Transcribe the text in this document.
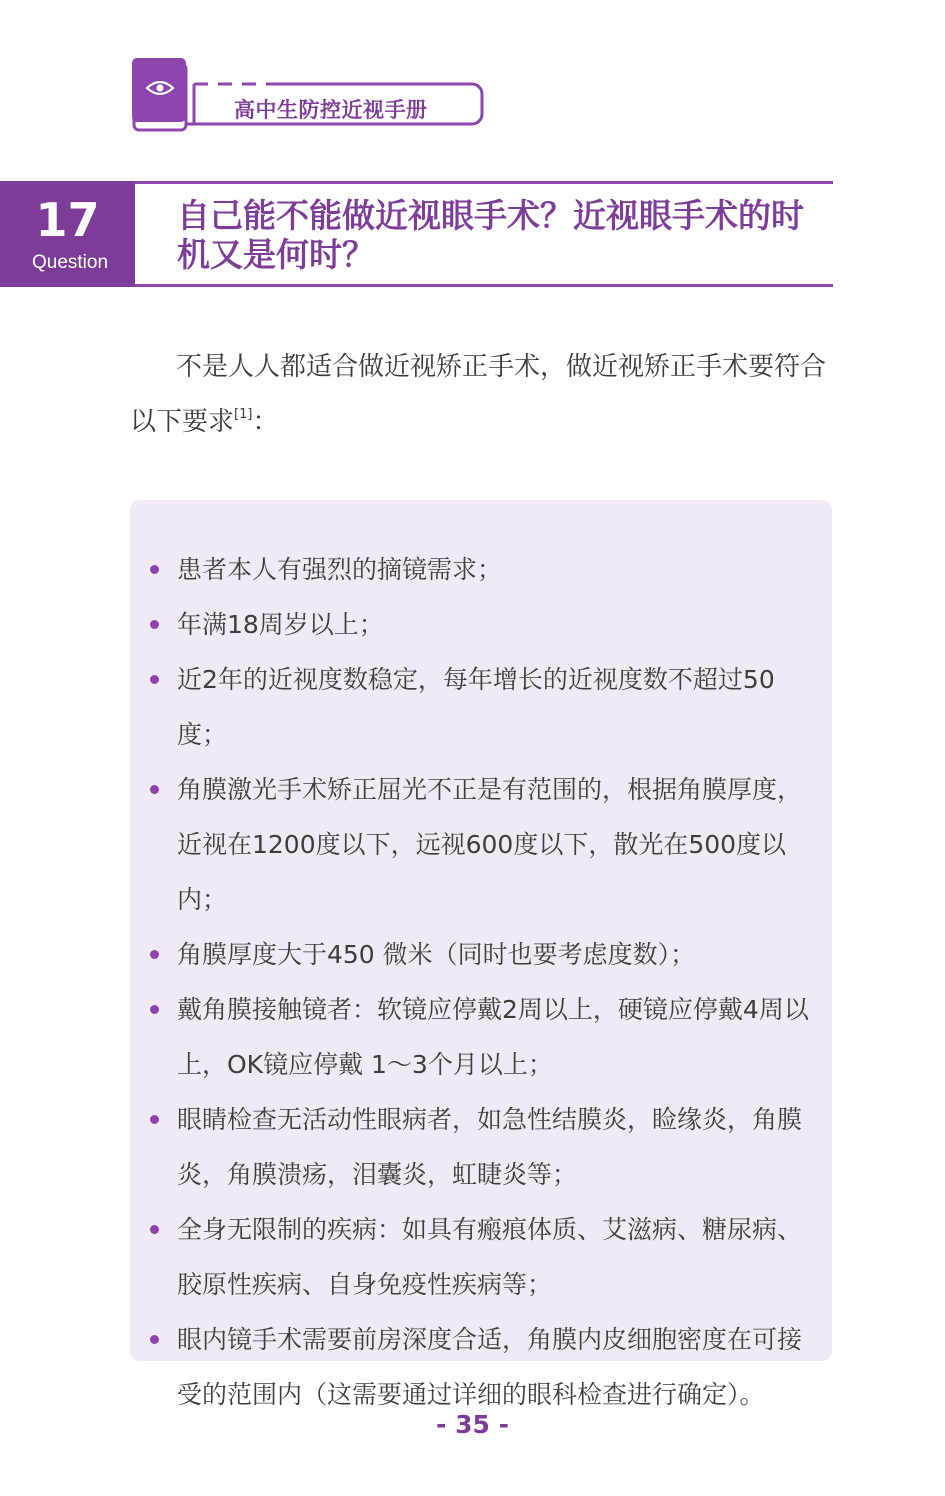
高中生防控近视手册
17
Question
自己能不能做近视眼手术？近视眼手术的时机又是何时？

不是人人都适合做近视矫正手术，做近视矫正手术要符合以下要求[1]：

患者本人有强烈的摘镜需求；
年满18周岁以上；
近2年的近视度数稳定，每年增长的近视度数不超过50度；
角膜激光手术矫正屈光不正是有范围的，根据角膜厚度，近视在1200度以下，远视600度以下，散光在500度以内；
角膜厚度大于450 微米（同时也要考虑度数）；
戴角膜接触镜者：软镜应停戴2周以上，硬镜应停戴4周以上，OK镜应停戴 1～3个月以上；
眼睛检查无活动性眼病者，如急性结膜炎，睑缘炎，角膜炎，角膜溃疡，泪囊炎，虹睫炎等；
全身无限制的疾病：如具有瘢痕体质、艾滋病、糖尿病、胶原性疾病、自身免疫性疾病等；
眼内镜手术需要前房深度合适，角膜内皮细胞密度在可接受的范围内（这需要通过详细的眼科检查进行确定）。
- 35 -
